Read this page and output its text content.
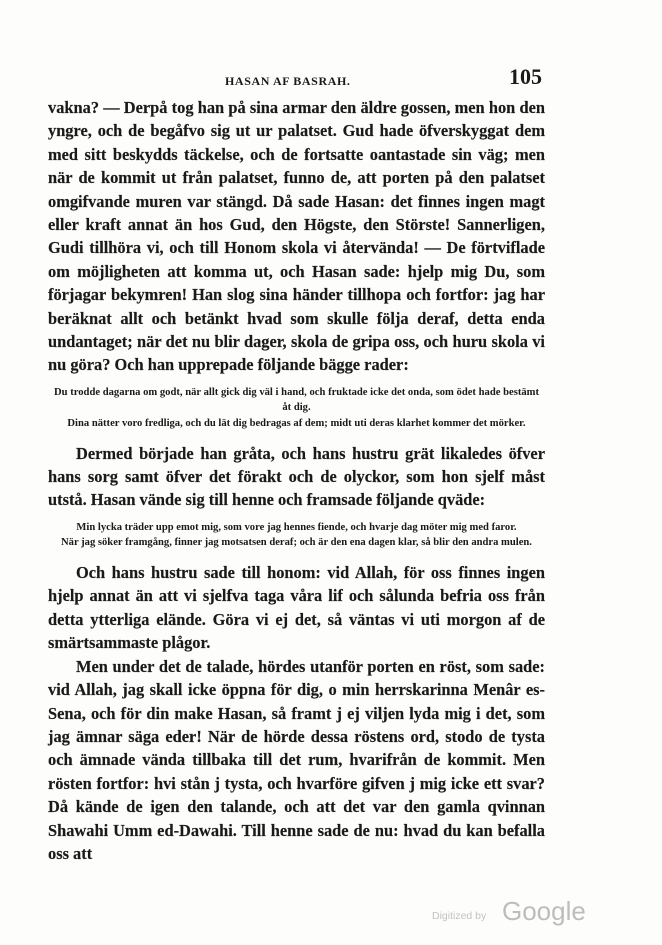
HASAN AF BASRAH.	105

vakna? — Derpå tog han på sina armar den äldre gossen, men hon den yngre, och de begåfvo sig ut ur palatset. Gud hade öfverskyggat dem med sitt beskydds täckelse, och de fortsatte oantastade sin väg; men när de kommit ut från palatset, funno de, att porten på den palatset omgifvande muren var stängd. Då sade Hasan: det finnes ingen magt eller kraft annat än hos Gud, den Högste, den Störste! Sannerligen, Gudi tillhöra vi, och till Honom skola vi återvända! — De förtviflade om möjligheten att komma ut, och Hasan sade: hjelp mig Du, som förjagar bekymren! Han slog sina händer tillhopa och fortfor: jag har beräknat allt och betänkt hvad som skulle följa deraf, detta enda undantaget; när det nu blir dager, skola de gripa oss, och huru skola vi nu göra? Och han upprepade följande bägge rader:

Du trodde dagarna om godt, när allt gick dig väl i hand, och fruktade icke det onda, som ödet hade bestämt åt dig.

Dina nätter voro fredliga, och du lät dig bedragas af dem; midt uti deras klarhet kommer det mörker.

Dermed började han gråta, och hans hustru grät likaledes öfver hans sorg samt öfver det förakt och de olyckor, som hon sjelf måst utstå. Hasan vände sig till henne och framsade följande qväde:

Min lycka träder upp emot mig, som vore jag hennes fiende, och hvarje dag möter mig med faror.

När jag söker framgång, finner jag motsatsen deraf; och är den ena dagen klar, så blir den andra mulen.

Och hans hustru sade till honom: vid Allah, för oss finnes ingen hjelp annat än att vi sjelfva taga våra lif och sålunda befria oss från detta ytterliga elände. Göra vi ej det, så väntas vi uti morgon af de smärtsammaste plågor.

Men under det de talade, hördes utanför porten en röst, som sade: vid Allah, jag skall icke öppna för dig, o min herrskarinna Menâr es-Sena, och för din make Hasan, så framt j ej viljen lyda mig i det, som jag ämnar säga eder! När de hörde dessa röstens ord, stodo de tysta och ämnade vända tillbaka till det rum, hvarifrån de kommit. Men rösten fortfor: hvi stån j tysta, och hvarföre gifven j mig icke ett svar? Då kände de igen den talande, och att det var den gamla qvinnan Shawahi Umm ed-Dawahi. Till henne sade de nu: hvad du kan befalla oss att

Digitized by Google
